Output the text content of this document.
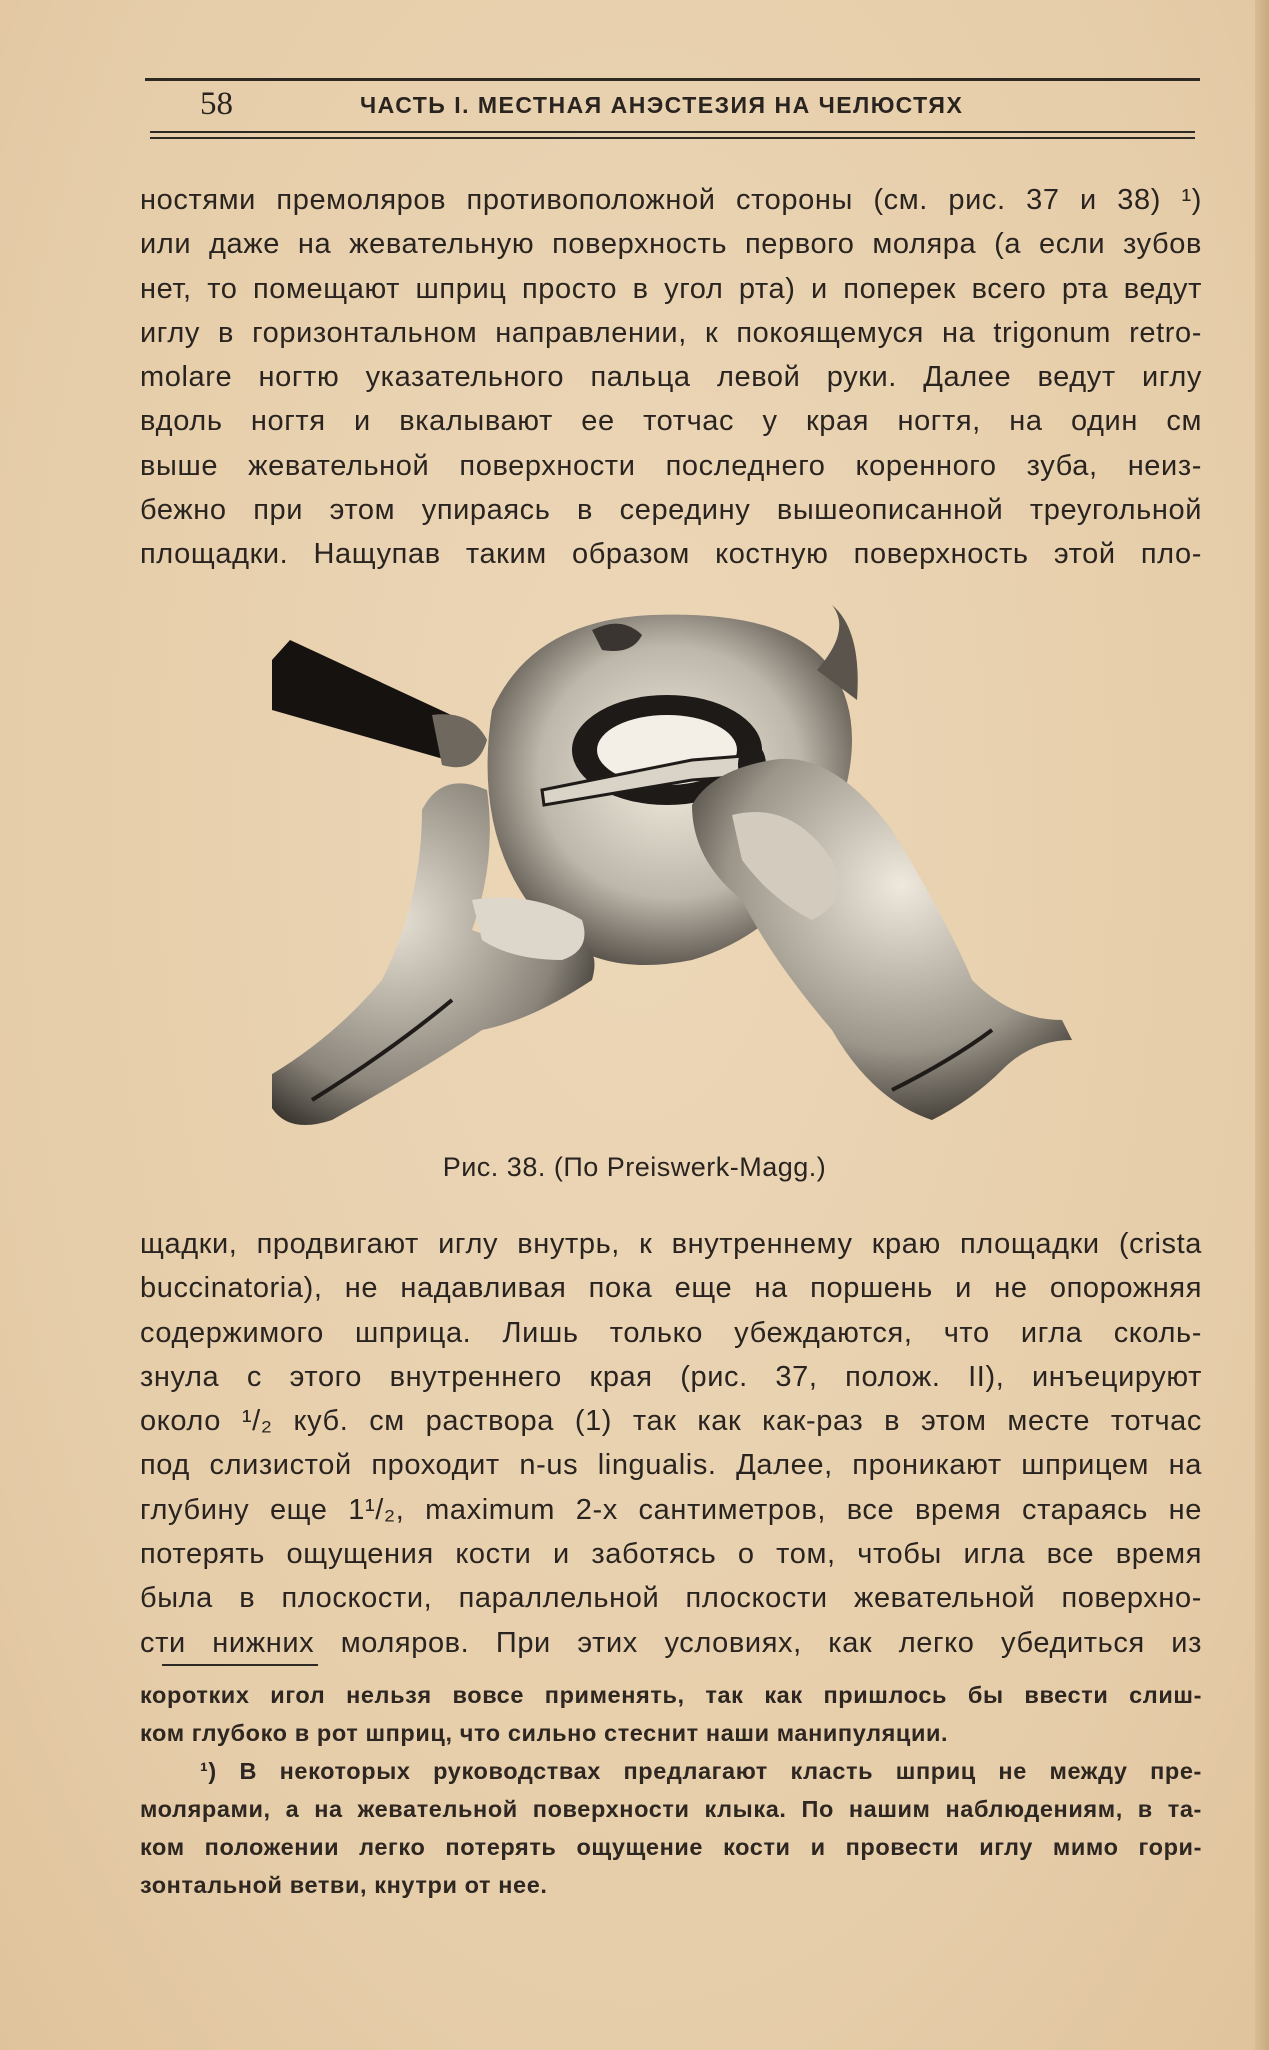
58	ЧАСТЬ I. МЕСТНАЯ АНЭСТЕЗИЯ НА ЧЕЛЮСТЯХ
ностями премоляров противоположной стороны (см. рис. 37 и 38) ¹)
или даже на жевательную поверхность первого моляра (а если зубов
нет, то помещают шприц просто в угол рта) и поперек всего рта ведут
иглу в горизонтальном направлении, к покоящемуся на trigonum retro-
molare ногтю указательного пальца левой руки. Далее ведут иглу
вдоль ногтя и вкалывают ее тотчас у края ногтя, на один см
выше жевательной поверхности последнего коренного зуба, неиз-
бежно при этом упираясь в середину вышеописанной треугольной
площадки. Нащупав таким образом костную поверхность этой пло-
Рис. 38. (По Preiswerk-Magg.)
щадки, продвигают иглу внутрь, к внутреннему краю площадки (crista
buccinatoria), не надавливая пока еще на поршень и не опорожняя
содержимого шприца. Лишь только убеждаются, что игла сколь-
знула с этого внутреннего края (рис. 37, полож. II), инъецируют
около ¹/₂ куб. см раствора (1) так как как-раз в этом месте тотчас
под слизистой проходит n-us lingualis. Далее, проникают шприцем на
глубину еще 1¹/₂, maximum 2-х сантиметров, все время стараясь не
потерять ощущения кости и заботясь о том, чтобы игла все время
была в плоскости, параллельной плоскости жевательной поверхно-
сти нижних моляров. При этих условиях, как легко убедиться из
коротких игол нельзя вовсе применять, так как пришлось бы ввести слиш-
ком глубоко в рот шприц, что сильно стеснит наши манипуляции.
¹) В некоторых руководствах предлагают класть шприц не между пре-
молярами, а на жевательной поверхности клыка. По нашим наблюдениям, в та-
ком положении легко потерять ощущение кости и провести иглу мимо гори-
зонтальной ветви, кнутри от нее.
